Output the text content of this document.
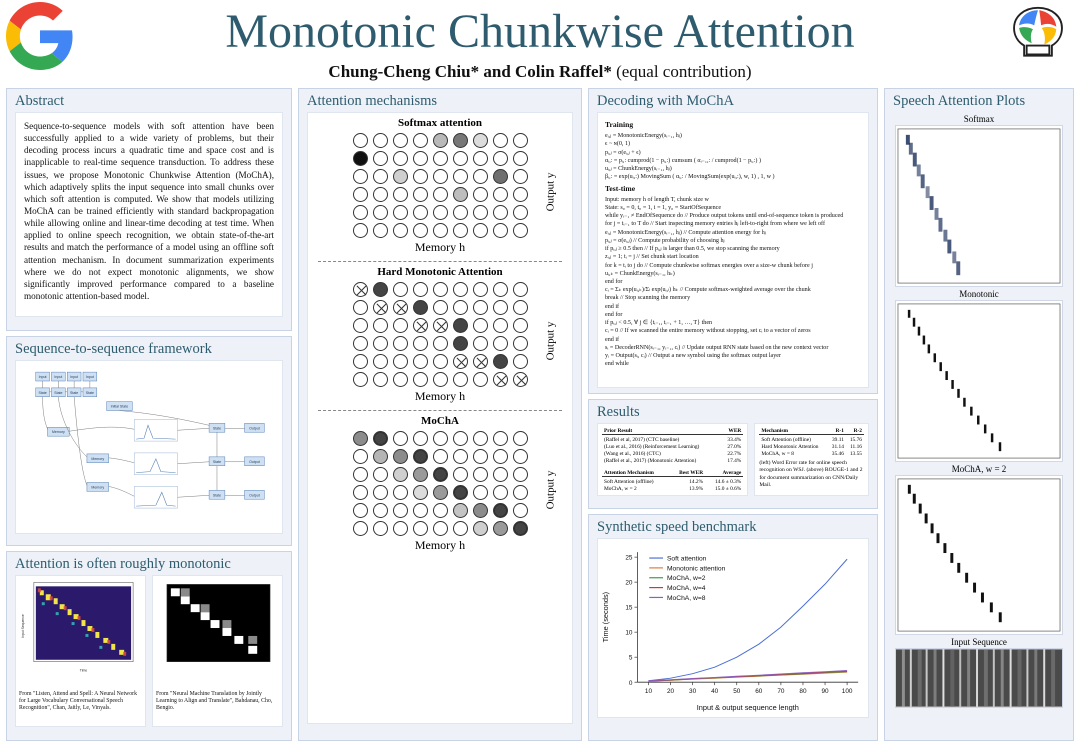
Monotonic Chunkwise Attention
Chung-Cheng Chiu* and Colin Raffel* (equal contribution)
Abstract
Sequence-to-sequence models with soft attention have been successfully applied to a wide variety of problems, but their decoding process incurs a quadratic time and space cost and is inapplicable to real-time sequence transduction. To address these issues, we propose Monotonic Chunkwise Attention (MoChA), which adaptively splits the input sequence into small chunks over which soft attention is computed. We show that models utilizing MoChA can be trained efficiently with standard backpropagation while allowing online and linear-time decoding at test time. When applied to online speech recognition, we obtain state-of-the-art results and match the performance of a model using an offline soft attention mechanism. In document summarization experiments where we do not expect monotonic alignments, we show significantly improved performance compared to a baseline monotonic attention-based model.
Sequence-to-sequence framework
Input Input Input Input
State State State State
Initial State
Memory
Memory
Memory
State	Output
State	Output
State	Output
Attention is often roughly monotonic
Time
Input Sequence
From "Listen, Attend and Spell: A Neural Network for Large Vocabulary Conversational Speech Recognition", Chan, Jaitly, Le, Vinyals.
From "Neural Machine Translation by Jointly Learning to Align and Translate", Bahdanau, Cho, Bengio.
Attention mechanisms
Softmax attention
Memory h
Output y
Hard Monotonic Attention
Memory h
Output y
MoChA
Memory h
Output y
Decoding with MoChA
Training
eᵢ,ⱼ = MonotonicEnergy(sᵢ₋₁, hⱼ)
ϵ ~ ɴ(0, 1)
pᵢ,ⱼ = σ(eᵢ,ⱼ + ϵ)
αᵢ,: = pᵢ,: cumprod(1 − pᵢ,:) cumsum ( αᵢ₋₁,: / cumprod(1 − pᵢ,:) )
uᵢ,ⱼ = ChunkEnergy(sᵢ₋₁, hⱼ)
βᵢ,: = exp(uᵢ,:) MovingSum ( αᵢ,: / MovingSum(exp(uᵢ,:), w, 1) , 1, w )
Test-time
Input: memory h of length T, chunk size w
State: s₀ = 0, t₀ = 1, i = 1, y₀ = StartOfSequence
while yᵢ₋₁ ≠ EndOfSequence do // Produce output tokens until end-of-sequence token is produced
for j = tᵢ₋₁ to T do // Start inspecting memory entries hⱼ left-to-right from where we left off
eᵢ,ⱼ = MonotonicEnergy(sᵢ₋₁, hⱼ) // Compute attention energy for hⱼ
pᵢ,ⱼ = σ(eᵢ,ⱼ) // Compute probability of choosing hⱼ
if pᵢ,ⱼ ≥ 0.5 then // If pᵢ,ⱼ is larger than 0.5, we stop scanning the memory
zᵢ,ⱼ = 1; tᵢ = j // Set chunk start location
for k = tᵢ to j do // Compute chunkwise softmax energies over a size-w chunk before j
uᵢ,ₖ = ChunkEnergy(sᵢ₋₁, hₖ)
end for
cᵢ = Σₖ exp(uᵢ,ₖ)/Σₗ exp(uᵢ,ₗ) hₖ // Compute softmax-weighted average over the chunk
break // Stop scanning the memory
end if
end for
if pᵢ,ⱼ < 0.5, ∀ j ∈ {tᵢ₋₁, tᵢ₋₁ + 1, …, T} then
cᵢ = 0 // If we scanned the entire memory without stopping, set cᵢ to a vector of zeros
end if
sᵢ = DecoderRNN(sᵢ₋₁, yᵢ₋₁, cᵢ) // Update output RNN state based on the new context vector
yᵢ = Output(sᵢ, cᵢ) // Output a new symbol using the softmax output layer
end while
Results
Prior Result	WER

(Raffel et al, 2017) (CTC baseline)	33.4%
(Luo et al., 2016) (Reinforcement Learning)	27.0%
(Wang et al., 2016) (CTC)	22.7%
(Raffel et al., 2017) (Monotonic Attention)	17.4%
Attention Mechanism	Best WER	Average

Soft Attention (offline)	14.2%	14.6 ± 0.3%
MoChA, w = 2	13.9%	15.0 ± 0.6%
Mechanism	R-1	R-2

Soft Attention (offline)	39.11	15.76
Hard Monotonic Attention	31.14	11.16
MoChA, w = 8	35.46	13.55
(left) Word Error rate for online speech recognition on WSJ. (above) ROUGE-1 and 2 for document summarization on CNN/Daily Mail.
Synthetic speed benchmark
0
5
10
15
20
25
10 20 30 40 50 60 70 80 90 100
Input & output sequence length
Time (seconds)
Soft attention
Monotonic attention
MoChA, w=2
MoChA, w=4
MoChA, w=8
Speech Attention Plots
Softmax
Monotonic
MoChA, w = 2
Input Sequence
